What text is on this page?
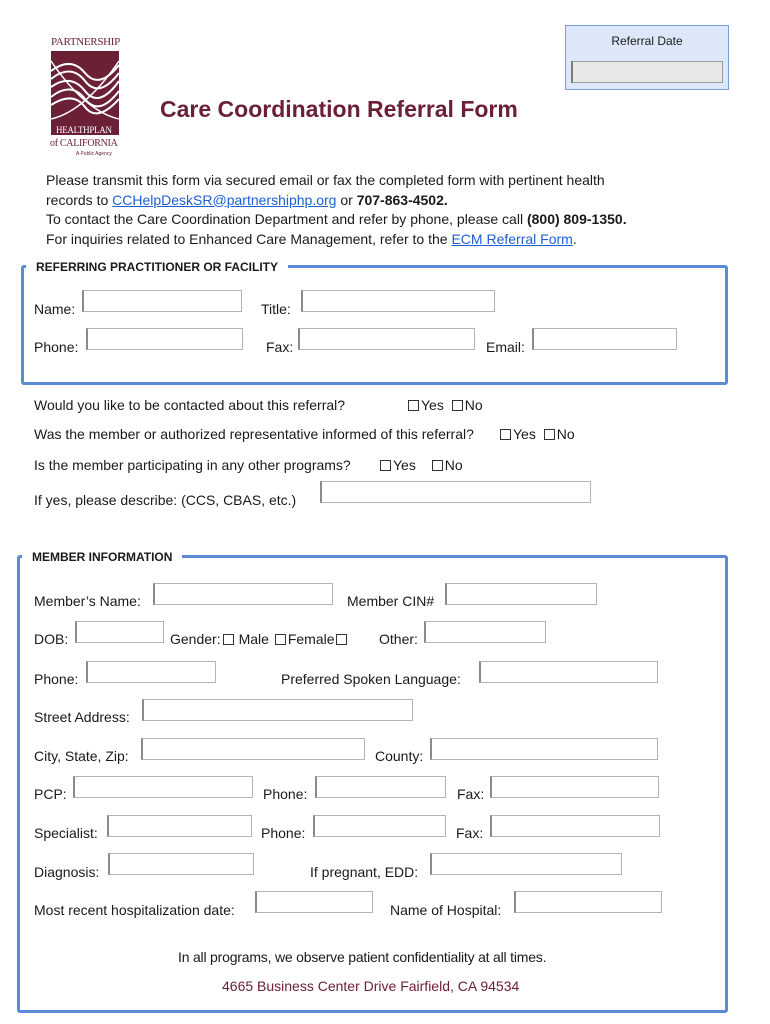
PARTNERSHIP
HEALTHPLAN
of CALIFORNIA
A Public Agency
Referral Date
Care Coordination Referral Form
Please transmit this form via secured email or fax the completed form with pertinent health
records to CCHelpDeskSR@partnershiphp.org or 707-863-4502.
To contact the Care Coordination Department and refer by phone, please call (800) 809-1350.
For inquiries related to Enhanced Care Management, refer to the ECM Referral Form.
REFERRING PRACTITIONER OR FACILITY
Name:	Title:
Phone:	Fax:	Email:
Would you like to be contacted about this referral?	Yes No
Was the member or authorized representative informed of this referral?	Yes No
Is the member participating in any other programs?	Yes No
If yes, please describe: (CCS, CBAS, etc.)
MEMBER INFORMATION
Member’s Name:	Member CIN#
DOB:	Gender: Male Female	Other:
Phone:	Preferred Spoken Language:
Street Address:
City, State, Zip:	County:
PCP:	Phone:	Fax:
Specialist:	Phone:	Fax:
Diagnosis:	If pregnant, EDD:
Most recent hospitalization date:	Name of Hospital:
In all programs, we observe patient confidentiality at all times.
4665 Business Center Drive Fairfield, CA 94534
